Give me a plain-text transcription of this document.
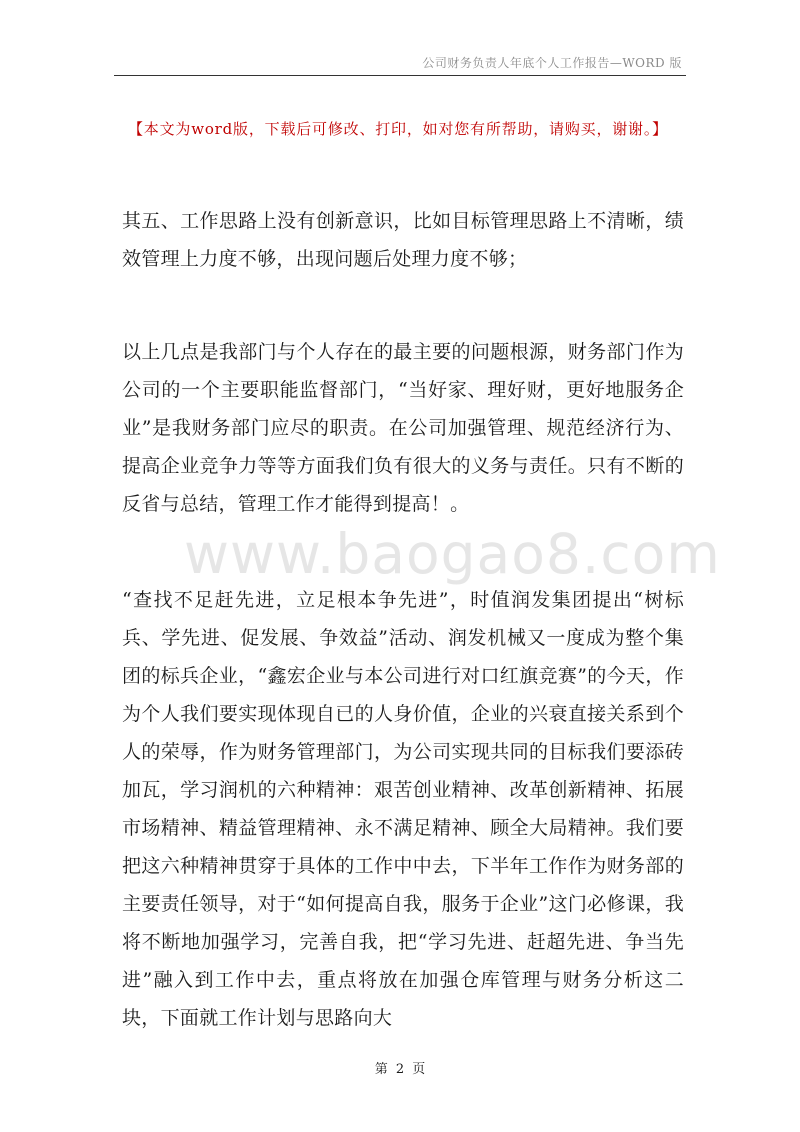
公司财务负责人年底个人工作报告—WORD 版
【本文为word版，下载后可修改、打印，如对您有所帮助，请购买，谢谢。】
www.baogao8.com

其五、工作思路上没有创新意识，比如目标管理思路上不清晰，绩效管理上力度不够，出现问题后处理力度不够；

以上几点是我部门与个人存在的最主要的问题根源，财务部门作为公司的一个主要职能监督部门，“当好家、理好财，更好地服务企业”是我财务部门应尽的职责。在公司加强管理、规范经济行为、提高企业竞争力等等方面我们负有很大的义务与责任。只有不断的反省与总结，管理工作才能得到提高！。

“查找不足赶先进，立足根本争先进”，时值润发集团提出“树标兵、学先进、促发展、争效益”活动、润发机械又一度成为整个集团的标兵企业，“鑫宏企业与本公司进行对口红旗竞赛”的今天，作为个人我们要实现体现自已的人身价值，企业的兴衰直接关系到个人的荣辱，作为财务管理部门，为公司实现共同的目标我们要添砖加瓦，学习润机的六种精神：艰苦创业精神、改革创新精神、拓展市场精神、精益管理精神、永不满足精神、顾全大局精神。我们要把这六种精神贯穿于具体的工作中中去，下半年工作作为财务部的主要责任领导，对于“如何提高自我，服务于企业”这门必修课，我将不断地加强学习，完善自我，把“学习先进、赶超先进、争当先进”融入到工作中去，重点将放在加强仓库管理与财务分析这二块，下面就工作计划与思路向大

第 2 页
